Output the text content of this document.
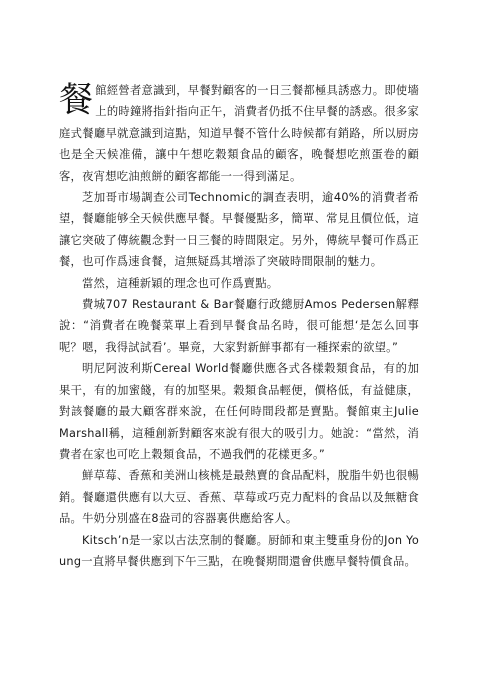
餐館經營者意識到，早餐對顧客的一日三餐都極具誘惑力。即使墻上的時鐘將指針指向正午，消費者仍抵不住早餐的誘惑。很多家庭式餐廳早就意識到這點，知道早餐不管什么時候都有銷路，所以厨房也是全天候准備，讓中午想吃穀類食品的顧客，晚餐想吃煎蛋卷的顧客，夜宵想吃油煎餅的顧客都能一一得到滿足。

芝加哥市場調查公司Technomic的調查表明，逾40%的消費者希望，餐廳能够全天候供應早餐。早餐優點多，簡單、常見且價位低，這讓它突破了傳統觀念對一日三餐的時間限定。另外，傳統早餐可作爲正餐，也可作爲速食餐，這無疑爲其增添了突破時間限制的魅力。

當然，這種新穎的理念也可作爲賣點。

費城707 Restaurant & Bar餐廳行政總厨Amos Pedersen解釋說：“消費者在晚餐菜單上看到早餐食品名時，很可能想‘是怎么回事呢？嗯，我得試試看’。畢竟，大家對新鮮事都有一種探索的欲望。”

明尼阿波利斯Cereal World餐廳供應各式各樣穀類食品，有的加果干，有的加蜜餞，有的加堅果。穀類食品輕便，價格低，有益健康，對該餐廳的最大顧客群來說，在任何時間段都是賣點。餐館東主Julie Marshall稱，這種創新對顧客來說有很大的吸引力。她說：“當然，消費者在家也可吃上穀類食品，不過我們的花樣更多。”

鮮草莓、香蕉和美洲山核桃是最熱賣的食品配料，脫脂牛奶也很暢銷。餐廳還供應有以大豆、香蕉、草莓或巧克力配料的食品以及無糖食品。牛奶分別盛在8盎司的容器裏供應給客人。

Kitsch’n是一家以古法烹制的餐廳。厨師和東主雙重身份的Jon Young一直將早餐供應到下午三點，在晚餐期間還會供應早餐特價食品。
